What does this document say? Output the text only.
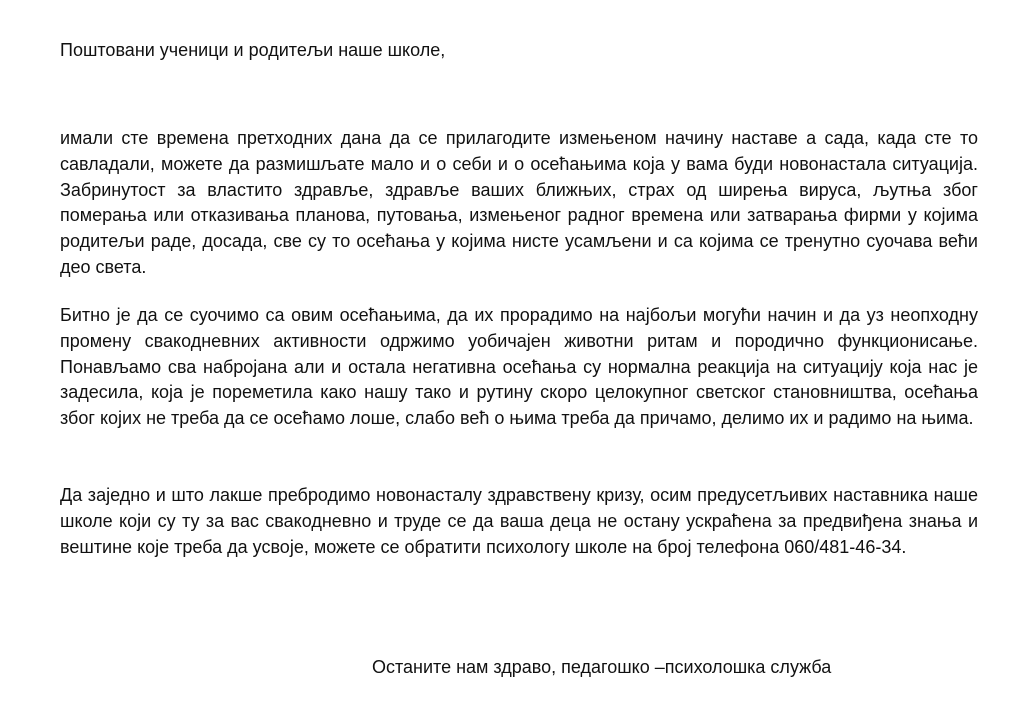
Поштовани ученици и родитељи наше школе,

имали сте времена претходних дана да се прилагодите измењеном начину наставе а сада, када сте то савладали, можете да размишљате мало и о себи и о осећањима која у вама буди новонастала ситуација. Забринутост за властито здравље, здравље ваших ближњих, страх од ширења вируса, љутња због померања или отказивања планова, путовања, измењеног радног времена или затварања фирми у којима родитељи раде, досада, све су то осећања у којима нисте усамљени и са којима се тренутно суочава већи део света.

Битно је да се суочимо са овим осећањима, да их прорадимо на најбољи могући начин и да уз неопходну промену свакодневних активности одржимо уобичајен животни ритам и породично функционисање. Понављамо сва набројана али и остала негативна осећања су нормална реакција на ситуацију која нас је задесила, која је пореметила како нашу тако и рутину скоро целокупног светског становништва, осећања због којих не треба да се осећамо лоше, слабо већ о њима треба да причамо, делимо их и радимо на њима.

Да заједно и што лакше пребродимо новонасталу здравствену кризу, осим предусетљивих наставника наше школе који су ту за вас свакодневно и труде се да ваша деца не остану ускраћена за предвиђена знања и вештине које треба да усвоје, можете се обратити психологу школе на број телефона 060/481-46-34.

Останите нам здраво, педагошко –психолошка служба
